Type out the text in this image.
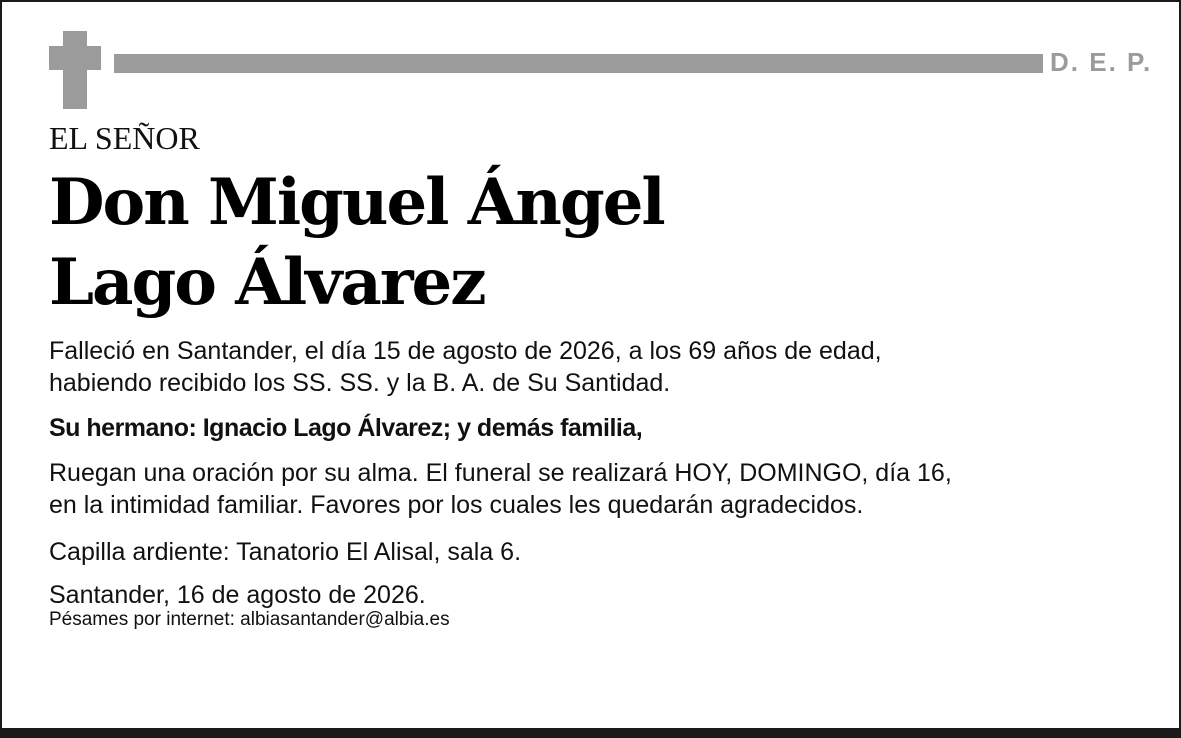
D. E. P.
EL SEÑOR
Don Miguel Ángel
Lago Álvarez
Falleció en Santander, el día 15 de agosto de 2026, a los 69 años de edad,
habiendo recibido los SS. SS. y la B. A. de Su Santidad.
Su hermano: Ignacio Lago Álvarez; y demás familia,
Ruegan una oración por su alma. El funeral se realizará HOY, DOMINGO, día 16,
en la intimidad familiar. Favores por los cuales les quedarán agradecidos.
Capilla ardiente: Tanatorio El Alisal, sala 6.
Santander, 16 de agosto de 2026.
Pésames por internet: albiasantander@albia.es
